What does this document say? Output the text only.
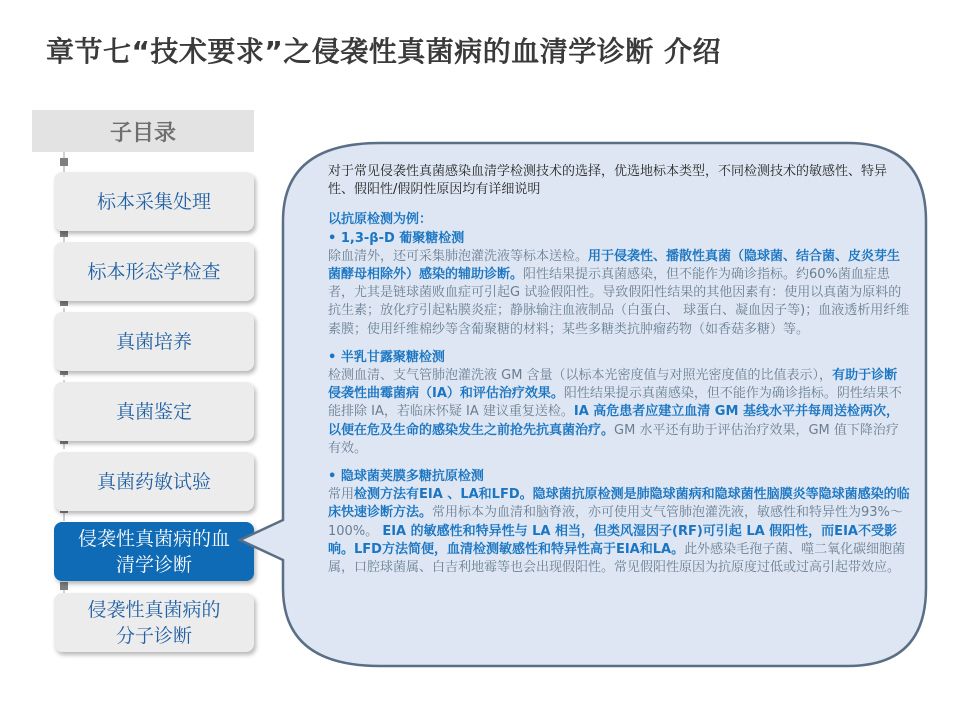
章节七“技术要求”之侵袭性真菌病的血清学诊断 介绍
子目录
标本采集处理
标本形态学检查
真菌培养
真菌鉴定
真菌药敏试验
侵袭性真菌病的血
清学诊断
侵袭性真菌病的
分子诊断

对于常见侵袭性真菌感染血清学检测技术的选择，优选地标本类型，不同检测技术的敏感性、特异性、假阳性/假阴性原因均有详细说明

以抗原检测为例：

• 1,3-β-D 葡聚糖检测

除血清外，还可采集肺泡灌洗液等标本送检。用于侵袭性、播散性真菌（隐球菌、结合菌、皮炎芽生菌酵母相除外）感染的辅助诊断。阳性结果提示真菌感染，但不能作为确诊指标。约60%菌血症患者，尤其是链球菌败血症可引起G 试验假阳性。导致假阳性结果的其他因素有：使用以真菌为原料的抗生素；放化疗引起粘膜炎症；静脉输注血液制品（白蛋白、 球蛋白、凝血因子等)；血液透析用纤维素膜；使用纤维棉纱等含葡聚糖的材料；某些多糖类抗肿瘤药物（如香菇多糖）等。

• 半乳甘露聚糖检测

检测血清、支气管肺泡灌洗液 GM 含量（以标本光密度值与对照光密度值的比值表示），有助于诊断侵袭性曲霉菌病（IA）和评估治疗效果。阳性结果提示真菌感染，但不能作为确诊指标。阴性结果不能排除 IA，若临床怀疑 IA 建议重复送检。IA 高危患者应建立血清 GM 基线水平并每周送检两次，以便在危及生命的感染发生之前抢先抗真菌治疗。GM 水平还有助于评估治疗效果，GM 值下降治疗有效。

• 隐球菌荚膜多糖抗原检测

常用检测方法有EIA 、LA和LFD。隐球菌抗原检测是肺隐球菌病和隐球菌性脑膜炎等隐球菌感染的临床快速诊断方法。常用标本为血清和脑脊液，亦可使用支气管肺泡灌洗液，敏感性和特异性为93%～100%。 EIA 的敏感性和特异性与 LA 相当，但类风湿因子(RF)可引起 LA 假阳性，而EIA不受影响。LFD方法简便，血清检测敏感性和特异性高于EIA和LA。此外感染毛孢子菌、噬二氧化碳细胞菌属，口腔球菌属、白吉利地霉等也会出现假阳性。常见假阳性原因为抗原度过低或过高引起带效应。
